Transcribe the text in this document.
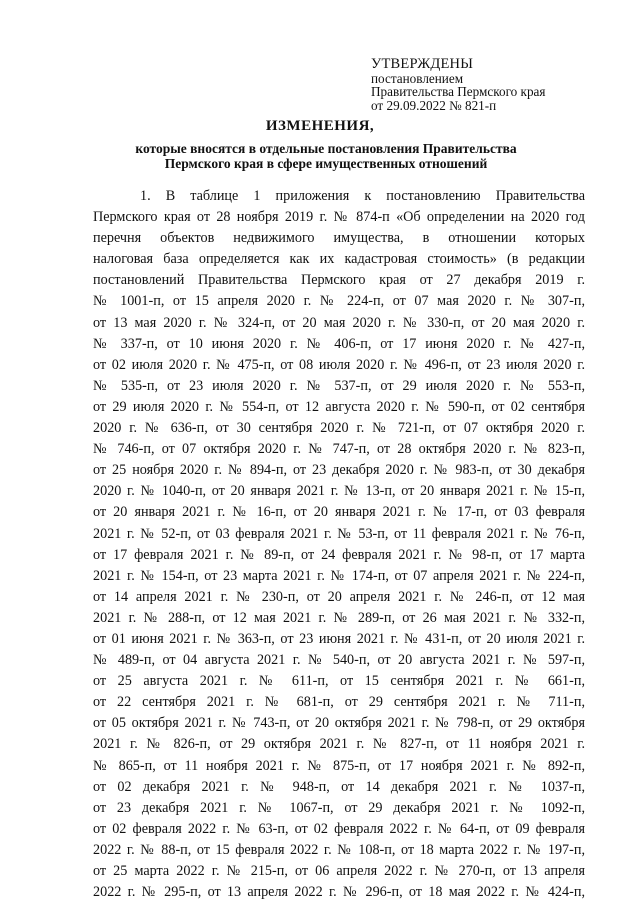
УТВЕРЖДЕНЫ
постановлением
Правительства Пермского края
от 29.09.2022 № 821-п
ИЗМЕНЕНИЯ,
которые вносятся в отдельные постановления Правительства
Пермского края в сфере имущественных отношений
1. В таблице 1 приложения к постановлению Правительства
Пермского края от 28 ноября 2019 г. № 874-п «Об определении на 2020 год
перечня объектов недвижимого имущества, в отношении которых
налоговая база определяется как их кадастровая стоимость» (в редакции
постановлений Правительства Пермского края от 27 декабря 2019 г.
№ 1001-п, от 15 апреля 2020 г. № 224-п, от 07 мая 2020 г. № 307-п,
от 13 мая 2020 г. № 324-п, от 20 мая 2020 г. № 330-п, от 20 мая 2020 г.
№ 337-п, от 10 июня 2020 г. № 406-п, от 17 июня 2020 г. № 427-п,
от 02 июля 2020 г. № 475-п, от 08 июля 2020 г. № 496-п, от 23 июля 2020 г.
№ 535-п, от 23 июля 2020 г. № 537-п, от 29 июля 2020 г. № 553-п,
от 29 июля 2020 г. № 554-п, от 12 августа 2020 г. № 590-п, от 02 сентября
2020 г. № 636-п, от 30 сентября 2020 г. № 721-п, от 07 октября 2020 г.
№ 746-п, от 07 октября 2020 г. № 747-п, от 28 октября 2020 г. № 823-п,
от 25 ноября 2020 г. № 894-п, от 23 декабря 2020 г. № 983-п, от 30 декабря
2020 г. № 1040-п, от 20 января 2021 г. № 13-п, от 20 января 2021 г. № 15-п,
от 20 января 2021 г. № 16-п, от 20 января 2021 г. № 17-п, от 03 февраля
2021 г. № 52-п, от 03 февраля 2021 г. № 53-п, от 11 февраля 2021 г. № 76-п,
от 17 февраля 2021 г. № 89-п, от 24 февраля 2021 г. № 98-п, от 17 марта
2021 г. № 154-п, от 23 марта 2021 г. № 174-п, от 07 апреля 2021 г. № 224-п,
от 14 апреля 2021 г. № 230-п, от 20 апреля 2021 г. № 246-п, от 12 мая
2021 г. № 288-п, от 12 мая 2021 г. № 289-п, от 26 мая 2021 г. № 332-п,
от 01 июня 2021 г. № 363-п, от 23 июня 2021 г. № 431-п, от 20 июля 2021 г.
№ 489-п, от 04 августа 2021 г. № 540-п, от 20 августа 2021 г. № 597-п,
от 25 августа 2021 г. № 611-п, от 15 сентября 2021 г. № 661-п,
от 22 сентября 2021 г. № 681-п, от 29 сентября 2021 г. № 711-п,
от 05 октября 2021 г. № 743-п, от 20 октября 2021 г. № 798-п, от 29 октября
2021 г. № 826-п, от 29 октября 2021 г. № 827-п, от 11 ноября 2021 г.
№ 865-п, от 11 ноября 2021 г. № 875-п, от 17 ноября 2021 г. № 892-п,
от 02 декабря 2021 г. № 948-п, от 14 декабря 2021 г. № 1037-п,
от 23 декабря 2021 г. № 1067-п, от 29 декабря 2021 г. № 1092-п,
от 02 февраля 2022 г. № 63-п, от 02 февраля 2022 г. № 64-п, от 09 февраля
2022 г. № 88-п, от 15 февраля 2022 г. № 108-п, от 18 марта 2022 г. № 197-п,
от 25 марта 2022 г. № 215-п, от 06 апреля 2022 г. № 270-п, от 13 апреля
2022 г. № 295-п, от 13 апреля 2022 г. № 296-п, от 18 мая 2022 г. № 424-п,
